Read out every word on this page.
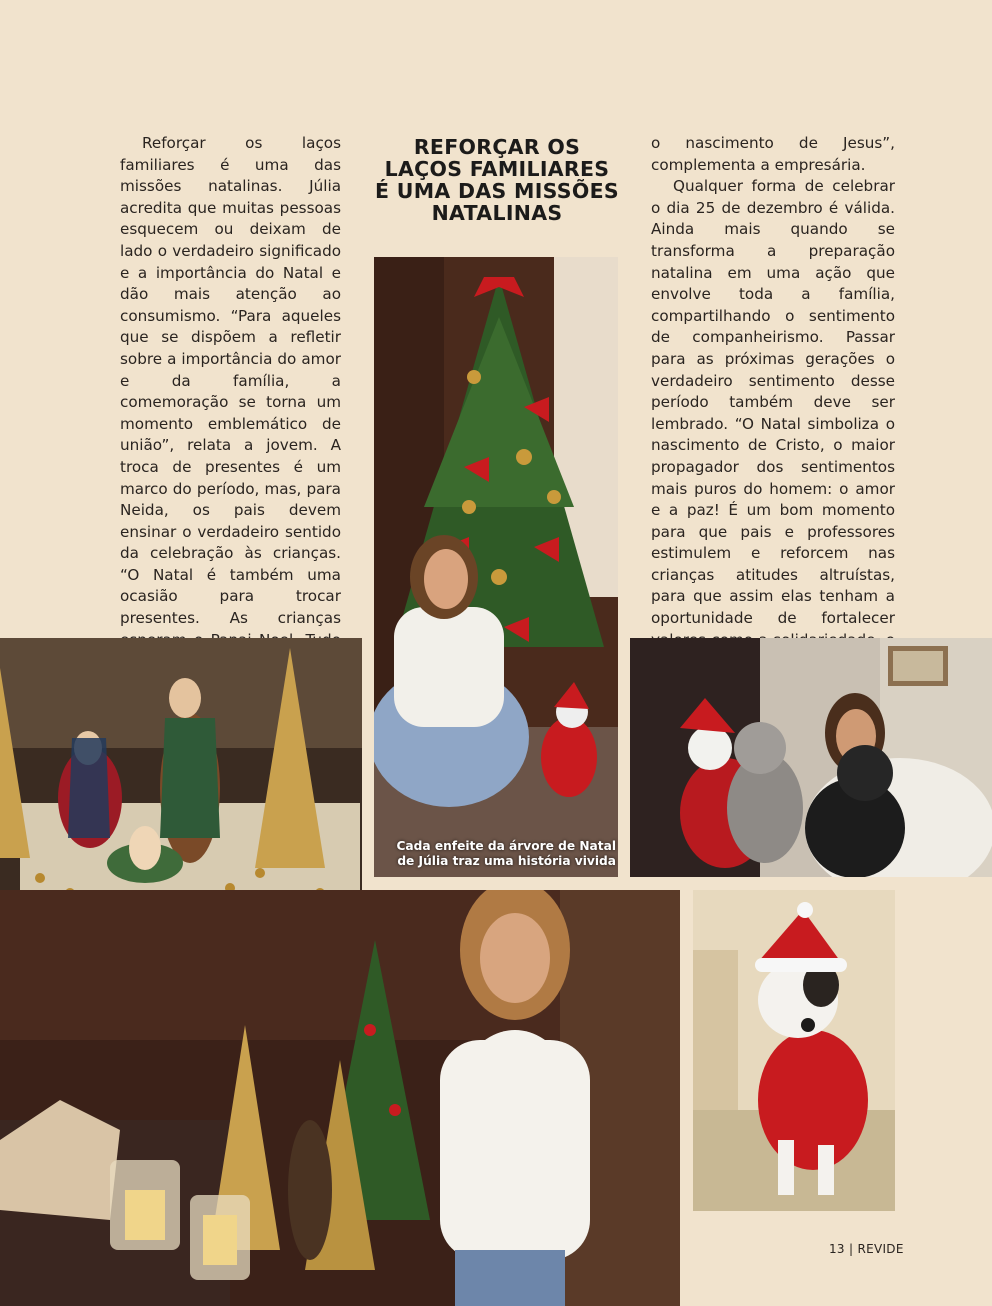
Reforçar os laços familiares é uma das missões natalinas. Júlia acredita que muitas pessoas esquecem ou deixam de lado o verdadeiro significado e a importância do Natal e dão mais atenção ao consumismo. “Para aqueles que se dispõem a refletir sobre a importância do amor e da família, a comemoração se torna um momento emblemático de união”, relata a jovem. A troca de presentes é um marco do período, mas, para Neida, os pais devem ensinar o verdadeiro sentido da celebração às crianças. “O Natal é também uma ocasião para trocar presentes. As crianças

REFORÇAR OS LAÇOS FAMILIARES É UMA DAS MISSÕES NATALINAS

o nascimento de Jesus”, complementa a empresária.

Qualquer forma de celebrar o dia 25 de dezembro é válida. Ainda mais quando se transforma a preparação natalina em uma ação que envolve toda a família, compartilhando o sentimento de companheirismo. Passar para as próximas gerações o verdadeiro sentimento desse período também deve ser lembrado. “O Natal simboliza o nascimento de Cristo, o maior propagador dos sentimentos mais puros do homem: o amor e a paz! É um bom momento para que pais e professores estimulem e reforcem nas crianças atitudes altruístas, para que assim elas tenham a oportunidade de fortalecer

Cada enfeite da árvore de Natal de Júlia traz uma história vivida
13 | REVIDE
